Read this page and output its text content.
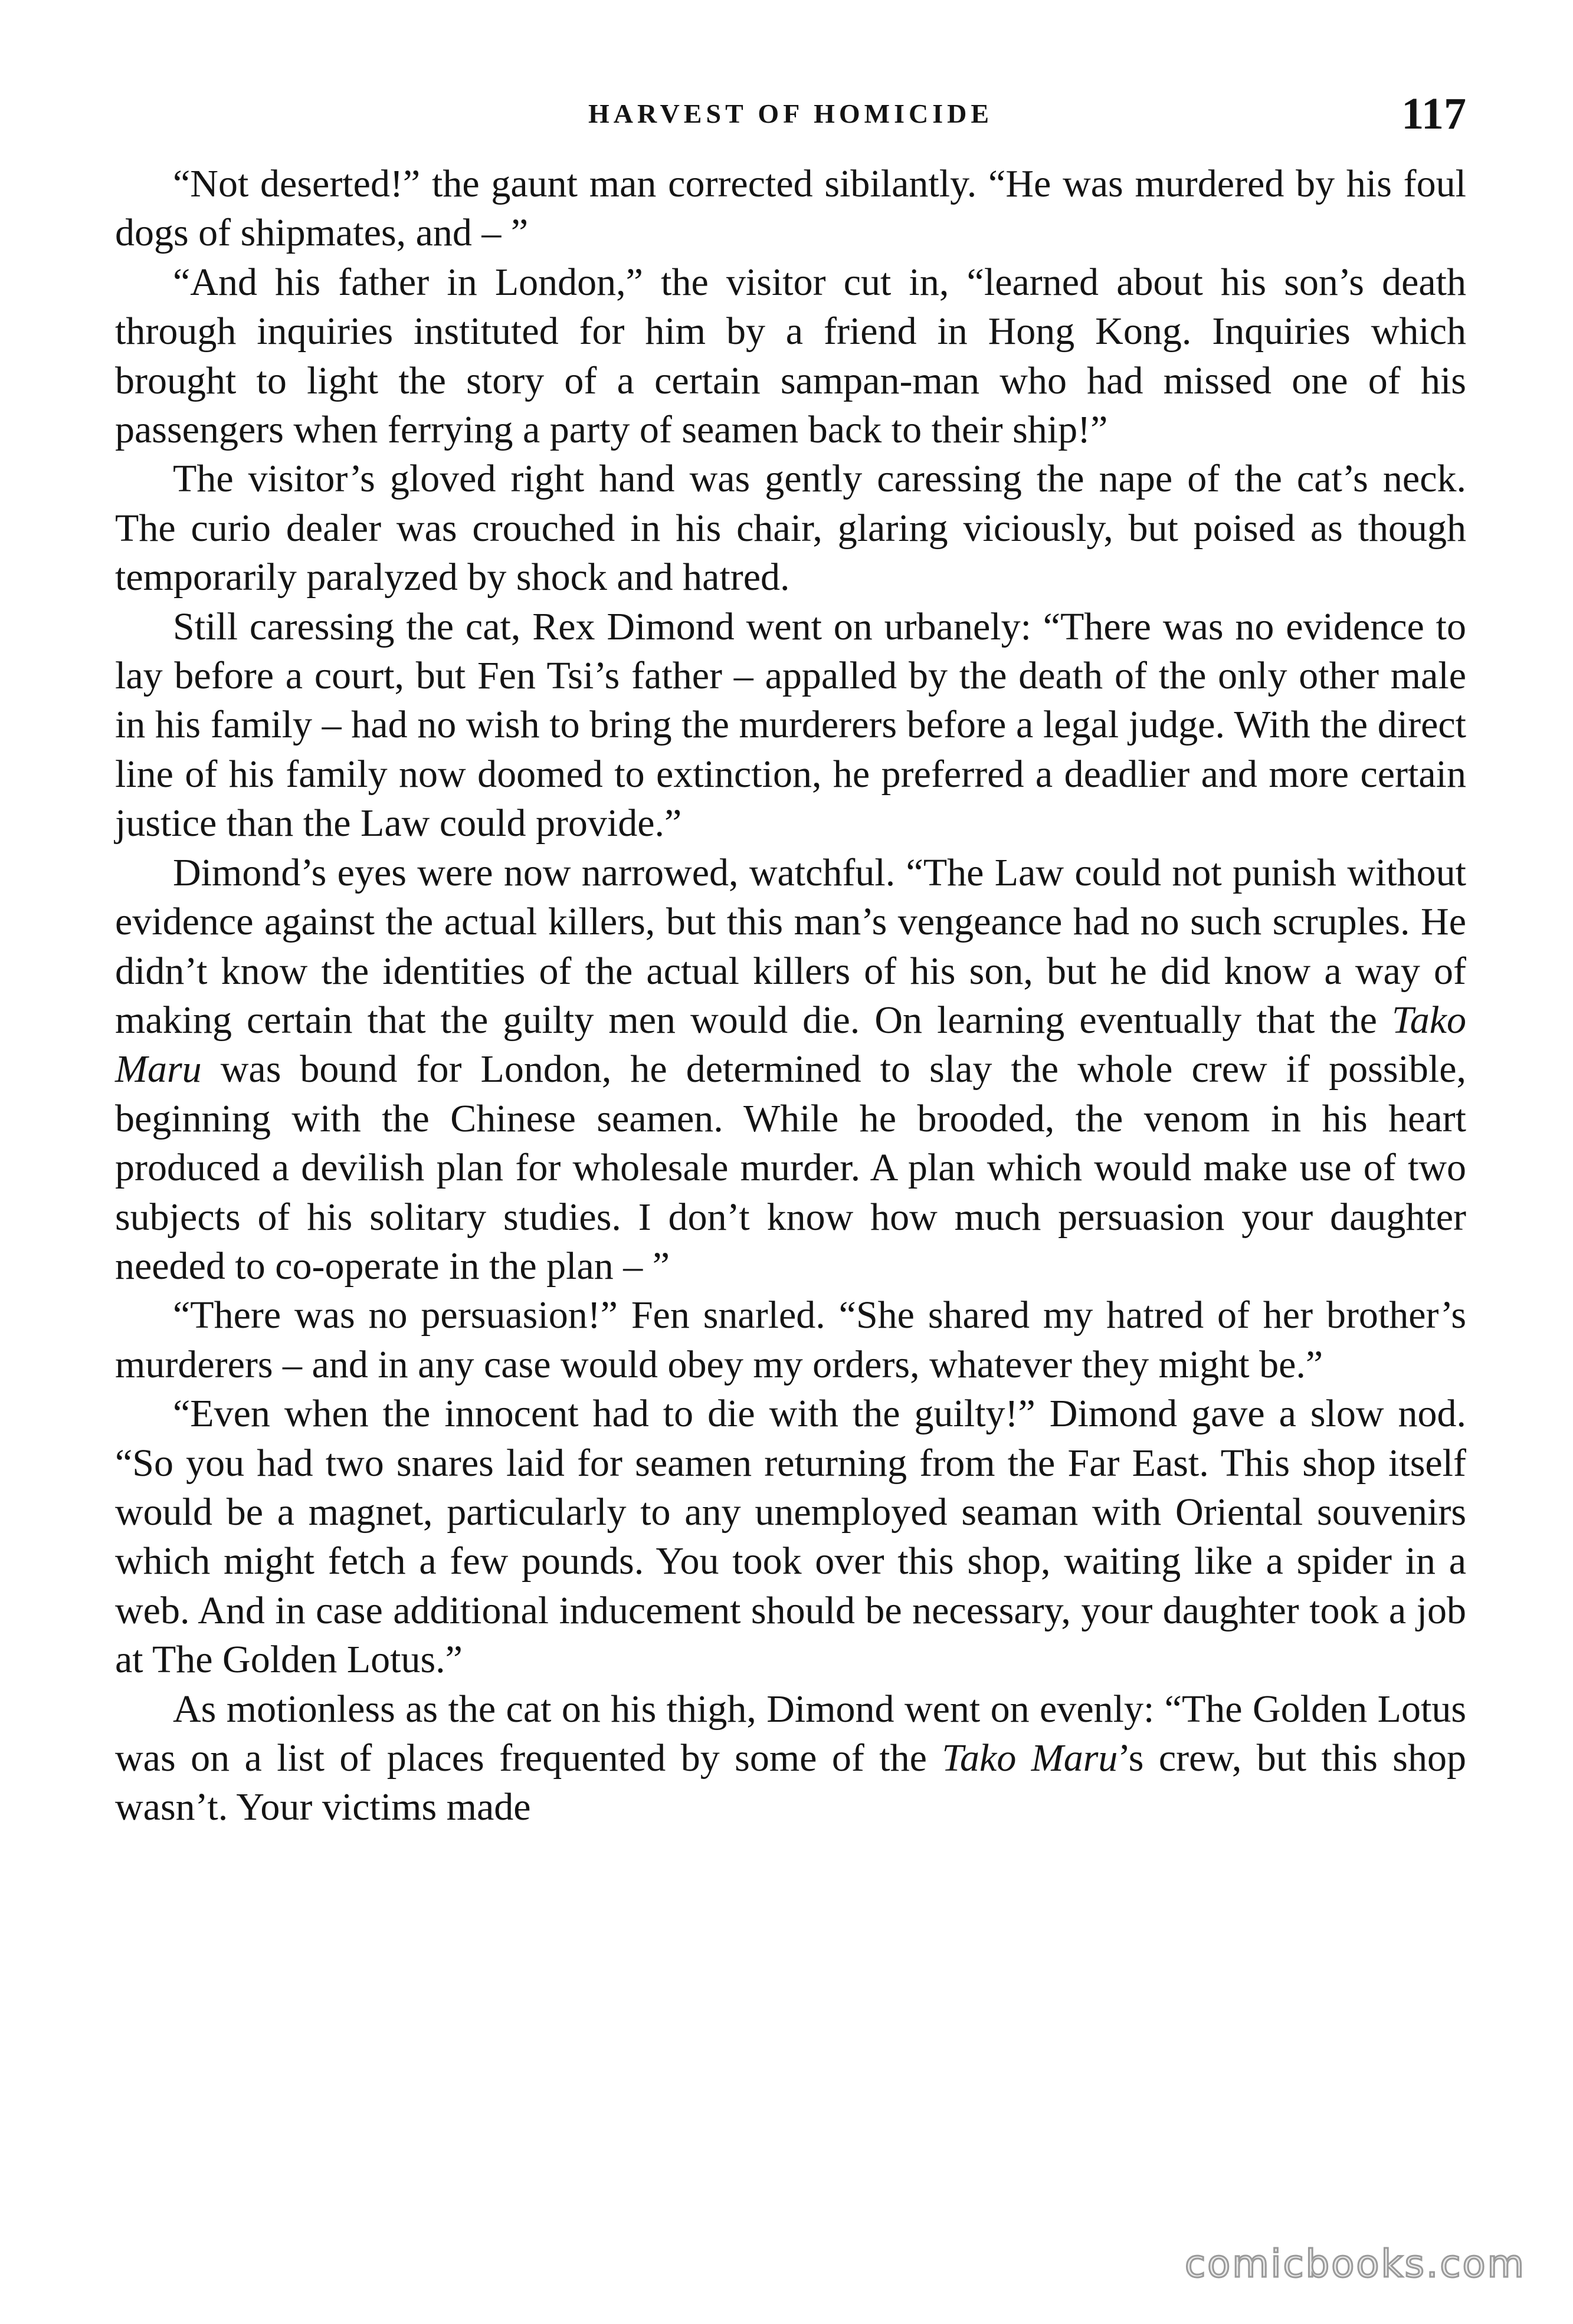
HARVEST OF HOMICIDE	117

“Not deserted!” the gaunt man corrected sibilantly. “He was murdered by his foul dogs of shipmates, and – ”

“And his father in London,” the visitor cut in, “learned about his son’s death through inquiries instituted for him by a friend in Hong Kong. Inquiries which brought to light the story of a certain sampan-man who had missed one of his passengers when ferrying a party of seamen back to their ship!”

The visitor’s gloved right hand was gently caressing the nape of the cat’s neck. The curio dealer was crouched in his chair, glaring viciously, but poised as though temporarily paralyzed by shock and hatred.

Still caressing the cat, Rex Dimond went on urbanely: “There was no evidence to lay before a court, but Fen Tsi’s father – appalled by the death of the only other male in his family – had no wish to bring the murderers before a legal judge. With the direct line of his family now doomed to extinction, he preferred a deadlier and more certain justice than the Law could provide.”

Dimond’s eyes were now narrowed, watchful. “The Law could not punish without evidence against the actual killers, but this man’s vengeance had no such scruples. He didn’t know the identities of the actual killers of his son, but he did know a way of making certain that the guilty men would die. On learning eventually that the Tako Maru was bound for London, he determined to slay the whole crew if possible, beginning with the Chinese seamen. While he brooded, the venom in his heart produced a devilish plan for wholesale murder. A plan which would make use of two subjects of his solitary studies. I don’t know how much persuasion your daughter needed to co-operate in the plan – ”

“There was no persuasion!” Fen snarled. “She shared my hatred of her brother’s murderers – and in any case would obey my orders, whatever they might be.”

“Even when the innocent had to die with the guilty!” Dimond gave a slow nod. “So you had two snares laid for seamen returning from the Far East. This shop itself would be a magnet, particularly to any unemployed seaman with Oriental souvenirs which might fetch a few pounds. You took over this shop, waiting like a spider in a web. And in case additional inducement should be necessary, your daughter took a job at The Golden Lotus.”

As motionless as the cat on his thigh, Dimond went on evenly: “The Golden Lotus was on a list of places frequented by some of the Tako Maru’s crew, but this shop wasn’t. Your victims made

comicbooks.com
